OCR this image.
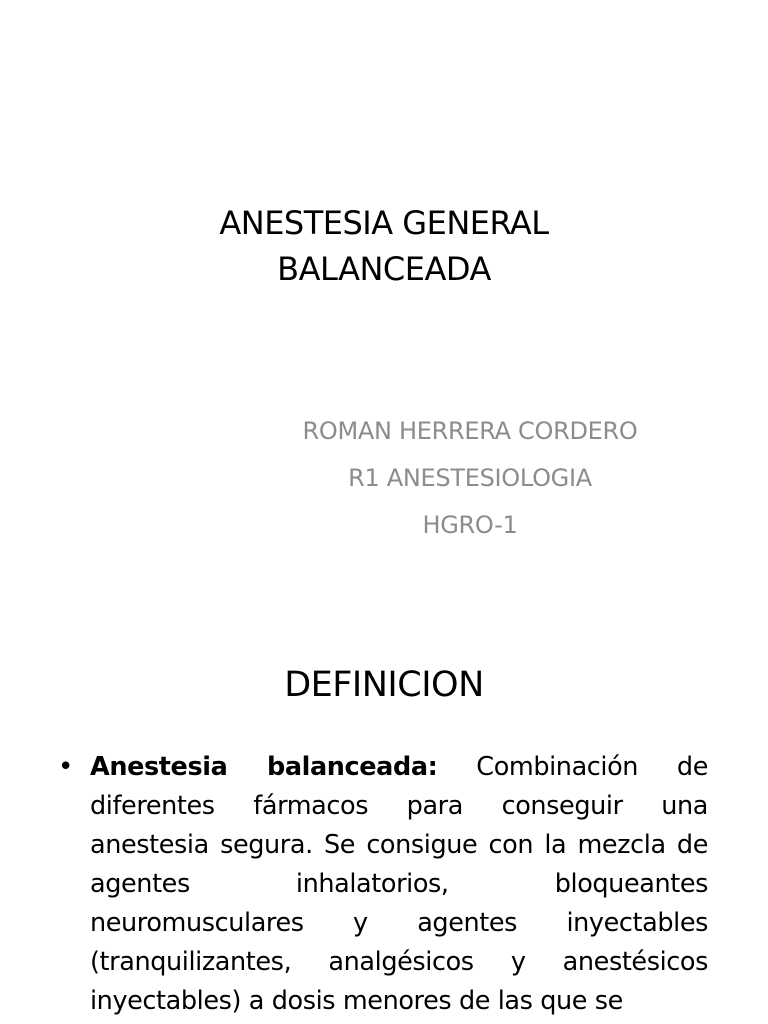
ANESTESIA GENERAL
BALANCEADA
ROMAN HERRERA CORDERO
R1 ANESTESIOLOGIA
HGRO-1
DEFINICION
• Anestesia balanceada: Combinación de diferentes fármacos para conseguir una anestesia segura. Se consigue con la mezcla de agentes inhalatorios, bloqueantes neuromusculares y agentes inyectables (tranquilizantes, analgésicos y anestésicos inyectables) a dosis menores de las que se
